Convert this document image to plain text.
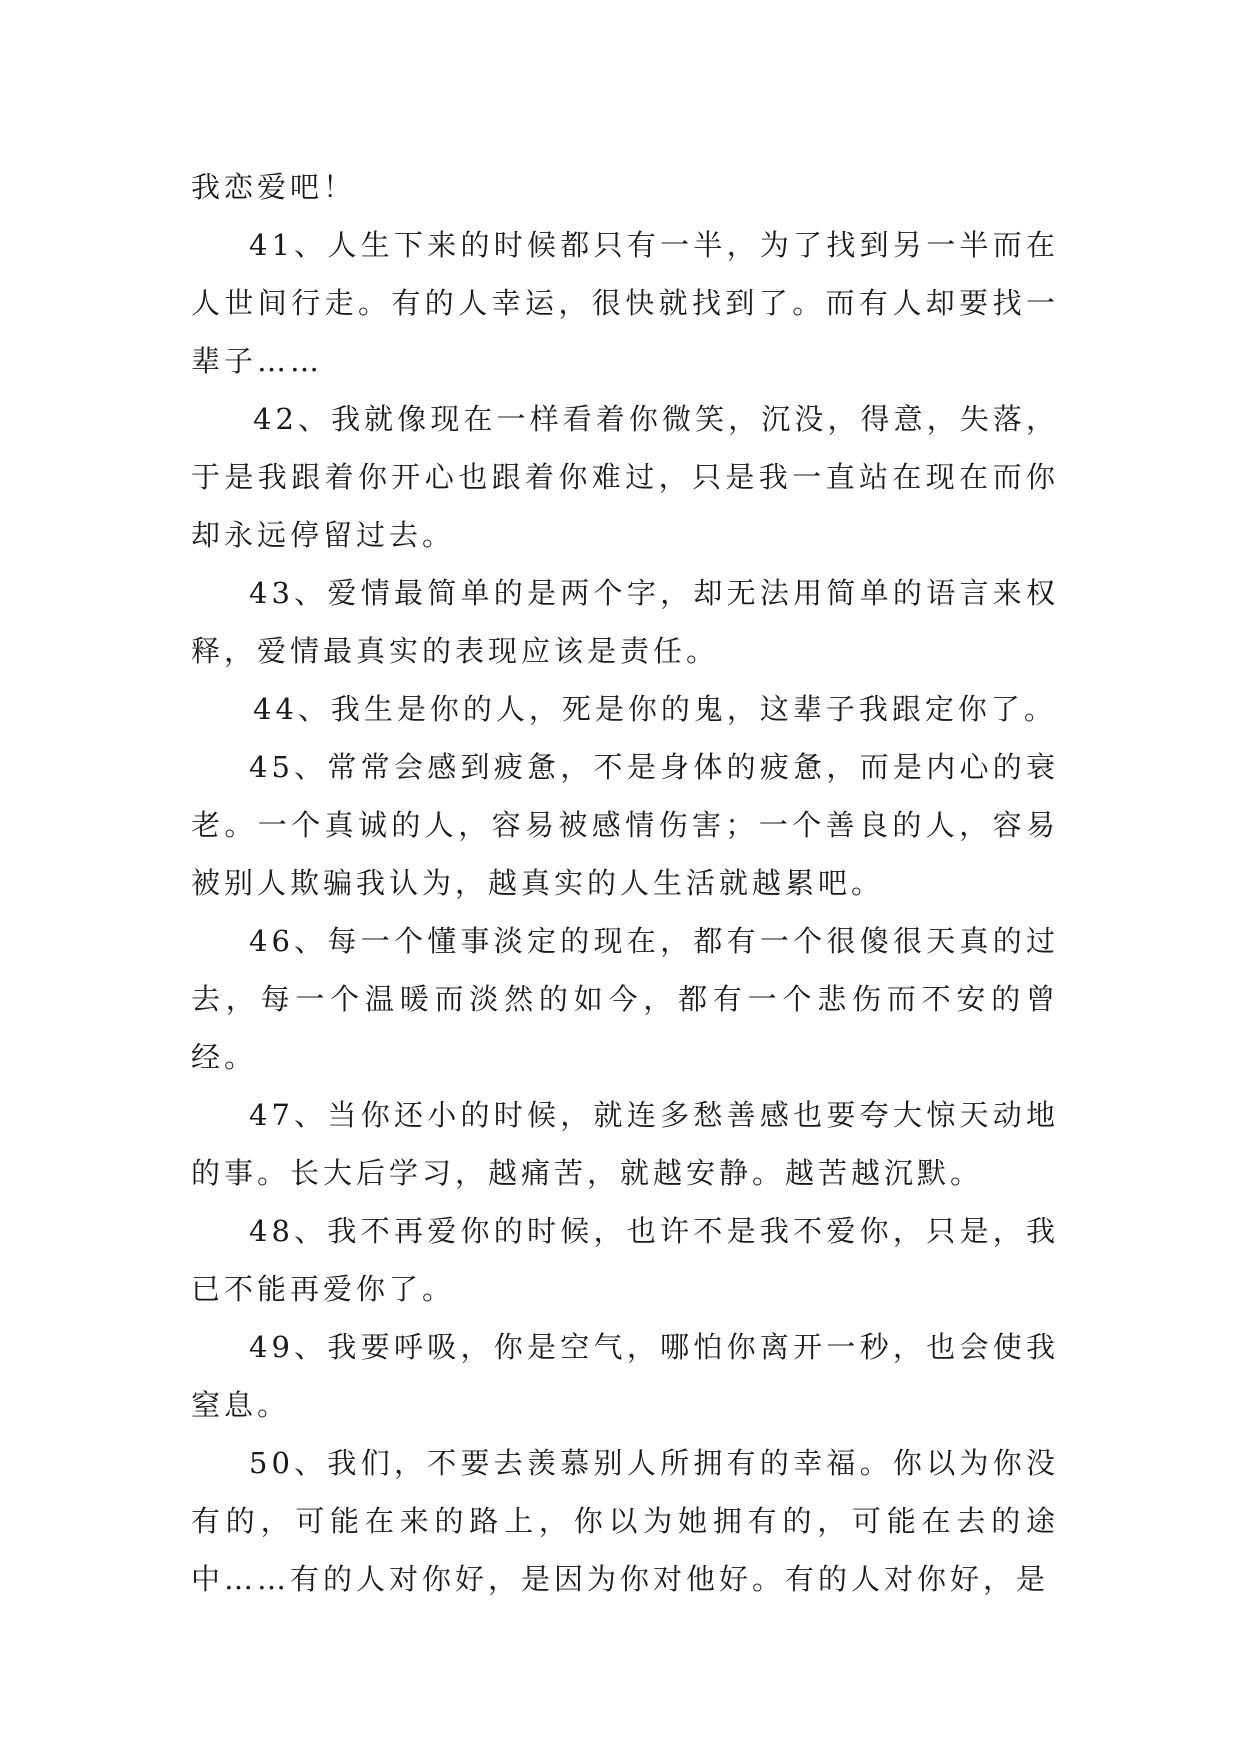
我恋爱吧！

41、人生下来的时候都只有一半，为了找到另一半而在人世间行走。有的人幸运，很快就找到了。而有人却要找一辈子……

42、我就像现在一样看着你微笑，沉没，得意，失落，于是我跟着你开心也跟着你难过，只是我一直站在现在而你却永远停留过去。

43、爱情最简单的是两个字，却无法用简单的语言来权释，爱情最真实的表现应该是责任。

44、我生是你的人，死是你的鬼，这辈子我跟定你了。

45、常常会感到疲惫，不是身体的疲惫，而是内心的衰老。一个真诚的人，容易被感情伤害；一个善良的人，容易被别人欺骗我认为，越真实的人生活就越累吧。

46、每一个懂事淡定的现在，都有一个很傻很天真的过去，每一个温暖而淡然的如今，都有一个悲伤而不安的曾经。

47、当你还小的时候，就连多愁善感也要夸大惊天动地的事。长大后学习，越痛苦，就越安静。越苦越沉默。

48、我不再爱你的时候，也许不是我不爱你，只是，我已不能再爱你了。

49、我要呼吸，你是空气，哪怕你离开一秒，也会使我窒息。

50、我们，不要去羡慕别人所拥有的幸福。你以为你没有的，可能在来的路上，你以为她拥有的，可能在去的途中……有的人对你好，是因为你对他好。有的人对你好，是
